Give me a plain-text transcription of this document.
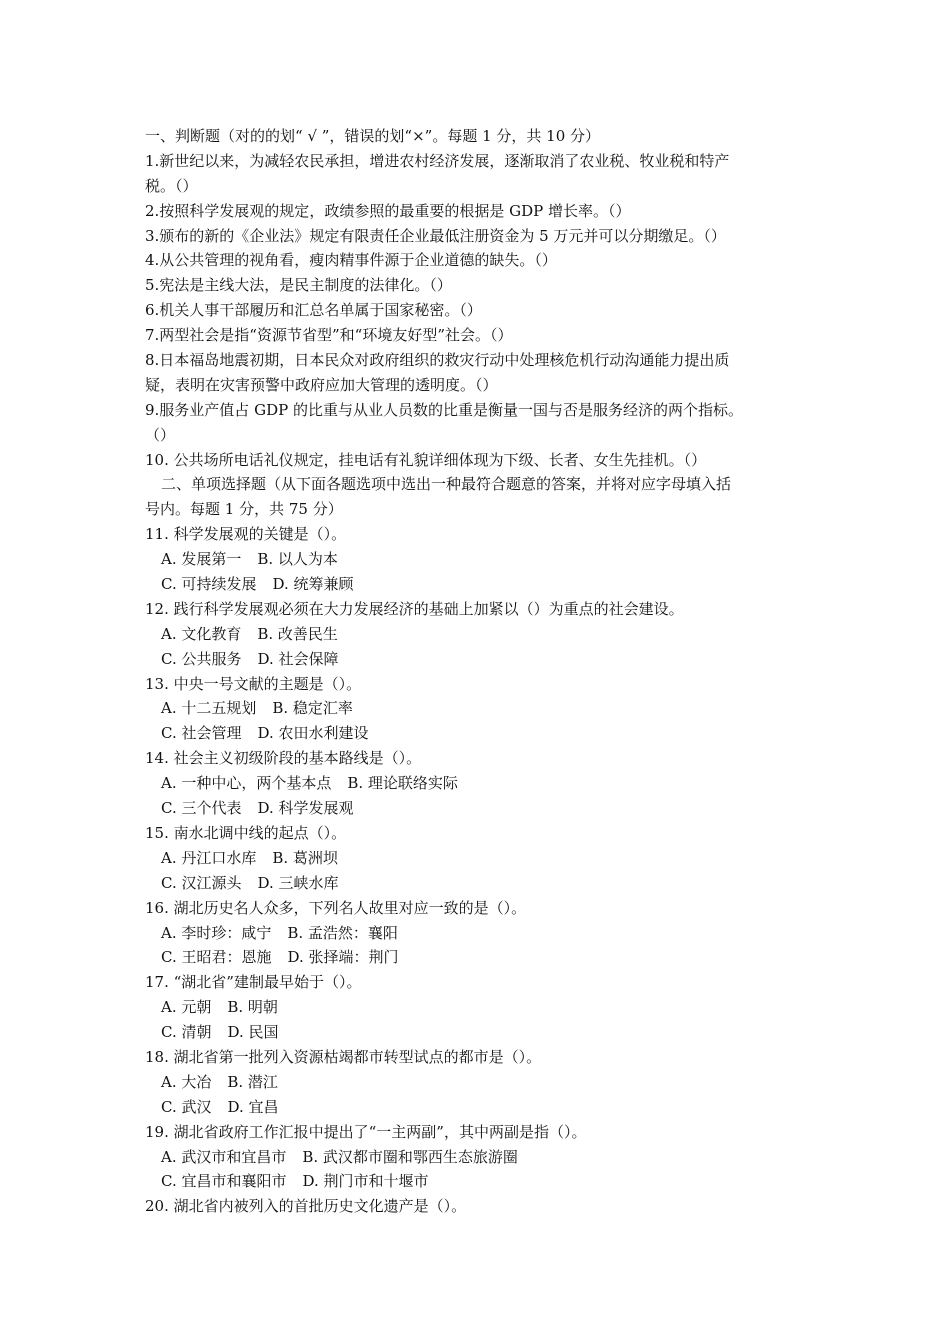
一、判断题（对的的划“ √ ”，错误的划“×”。每题 1 分，共 10 分）
1.新世纪以来，为减轻农民承担，增进农村经济发展，逐渐取消了农业税、牧业税和特产
税。（）
2.按照科学发展观的规定，政绩参照的最重要的根据是 GDP 增长率。（）
3.颁布的新的《企业法》规定有限责任企业最低注册资金为 5 万元并可以分期缴足。（）
4.从公共管理的视角看，瘦肉精事件源于企业道德的缺失。（）
5.宪法是主线大法，是民主制度的法律化。（）
6.机关人事干部履历和汇总名单属于国家秘密。（）
7.两型社会是指“资源节省型”和“环境友好型”社会。（）
8.日本福岛地震初期，日本民众对政府组织的救灾行动中处理核危机行动沟通能力提出质
疑，表明在灾害预警中政府应加大管理的透明度。（）
9.服务业产值占 GDP 的比重与从业人员数的比重是衡量一国与否是服务经济的两个指标。
（）
10. 公共场所电话礼仪规定，挂电话有礼貌详细体现为下级、长者、女生先挂机。（）
二、单项选择题（从下面各题选项中选出一种最符合题意的答案，并将对应字母填入括
号内。每题 1 分，共 75 分）
11. 科学发展观的关键是（）。
A. 发展第一 B. 以人为本
C. 可持续发展 D. 统筹兼顾
12. 践行科学发展观必须在大力发展经济的基础上加紧以（）为重点的社会建设。
A. 文化教育 B. 改善民生
C. 公共服务 D. 社会保障
13. 中央一号文献的主题是（）。
A. 十二五规划 B. 稳定汇率
C. 社会管理 D. 农田水利建设
14. 社会主义初级阶段的基本路线是（）。
A. 一种中心，两个基本点 B. 理论联络实际
C. 三个代表 D. 科学发展观
15. 南水北调中线的起点（）。
A. 丹江口水库 B. 葛洲坝
C. 汉江源头 D. 三峡水库
16. 湖北历史名人众多，下列名人故里对应一致的是（）。
A. 李时珍：咸宁 B. 孟浩然：襄阳
C. 王昭君：恩施 D. 张择端：荆门
17. “湖北省”建制最早始于（）。
A. 元朝 B. 明朝
C. 清朝 D. 民国
18. 湖北省第一批列入资源枯竭都市转型试点的都市是（）。
A. 大冶 B. 潜江
C. 武汉 D. 宜昌
19. 湖北省政府工作汇报中提出了“一主两副”，其中两副是指（）。
A. 武汉市和宜昌市 B. 武汉都市圈和鄂西生态旅游圈
C. 宜昌市和襄阳市 D. 荆门市和十堰市
20. 湖北省内被列入的首批历史文化遗产是（）。
